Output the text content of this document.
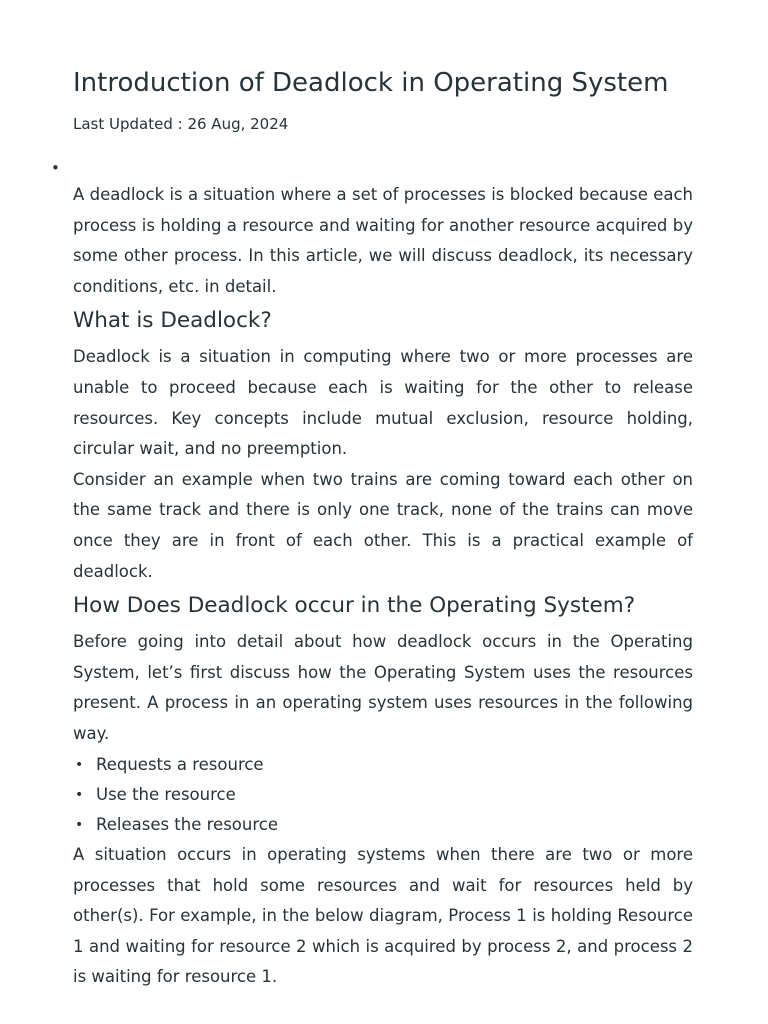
Introduction of Deadlock in Operating System
Last Updated : 26 Aug, 2024
•

A deadlock is a situation where a set of processes is blocked because each process is holding a resource and waiting for another resource acquired by some other process. In this article, we will discuss deadlock, its necessary conditions, etc. in detail.

What is Deadlock?

Deadlock is a situation in computing where two or more processes are unable to proceed because each is waiting for the other to release resources. Key concepts include mutual exclusion, resource holding, circular wait, and no preemption.

Consider an example when two trains are coming toward each other on the same track and there is only one track, none of the trains can move once they are in front of each other. This is a practical example of deadlock.

How Does Deadlock occur in the Operating System?

Before going into detail about how deadlock occurs in the Operating System, let’s first discuss how the Operating System uses the resources present. A process in an operating system uses resources in the following way.

• Requests a resource
• Use the resource
• Releases the resource

A situation occurs in operating systems when there are two or more processes that hold some resources and wait for resources held by other(s). For example, in the below diagram, Process 1 is holding Resource 1 and waiting for resource 2 which is acquired by process 2, and process 2 is waiting for resource 1.
